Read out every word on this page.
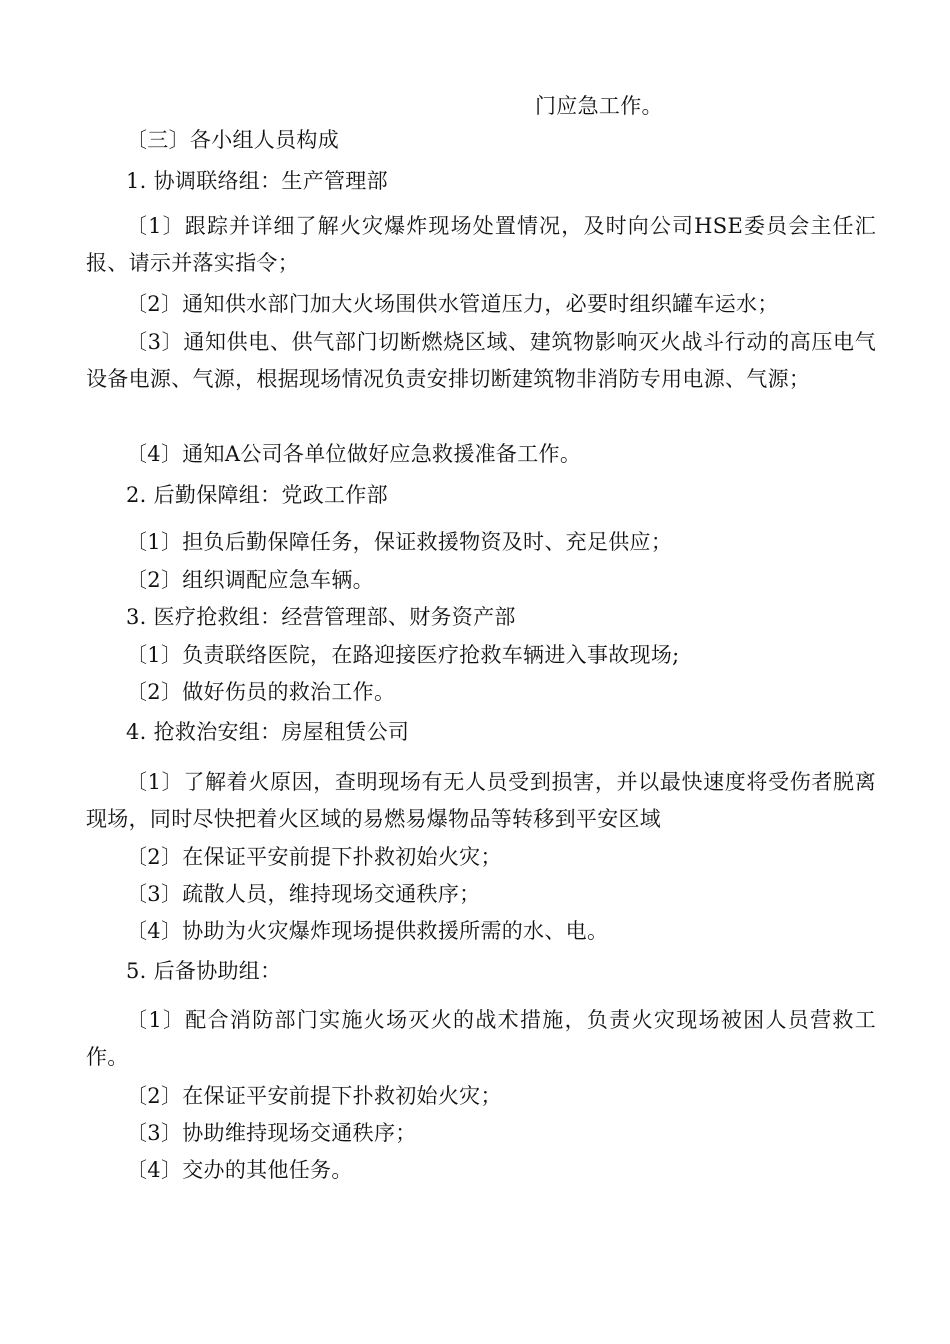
门应急工作。
〔三〕各小组人员构成
1. 协调联络组：生产管理部
〔1〕跟踪并详细了解火灾爆炸现场处置情况，及时向公司HSE委员会主任汇报、请示并落实指令；
〔2〕通知供水部门加大火场围供水管道压力，必要时组织罐车运水；
〔3〕通知供电、供气部门切断燃烧区域、建筑物影响灭火战斗行动的高压电气设备电源、气源，根据现场情况负责安排切断建筑物非消防专用电源、气源；
〔4〕通知A公司各单位做好应急救援准备工作。
2. 后勤保障组：党政工作部
〔1〕担负后勤保障任务，保证救援物资及时、充足供应；
〔2〕组织调配应急车辆。
3. 医疗抢救组：经营管理部、财务资产部
〔1〕负责联络医院，在路迎接医疗抢救车辆进入事故现场;
〔2〕做好伤员的救治工作。
4. 抢救治安组：房屋租赁公司
〔1〕了解着火原因，查明现场有无人员受到损害，并以最快速度将受伤者脱离现场，同时尽快把着火区域的易燃易爆物品等转移到平安区域
〔2〕在保证平安前提下扑救初始火灾；
〔3〕疏散人员，维持现场交通秩序；
〔4〕协助为火灾爆炸现场提供救援所需的水、电。
5. 后备协助组：
〔1〕配合消防部门实施火场灭火的战术措施，负责火灾现场被困人员营救工作。
〔2〕在保证平安前提下扑救初始火灾；
〔3〕协助维持现场交通秩序；
〔4〕交办的其他任务。
